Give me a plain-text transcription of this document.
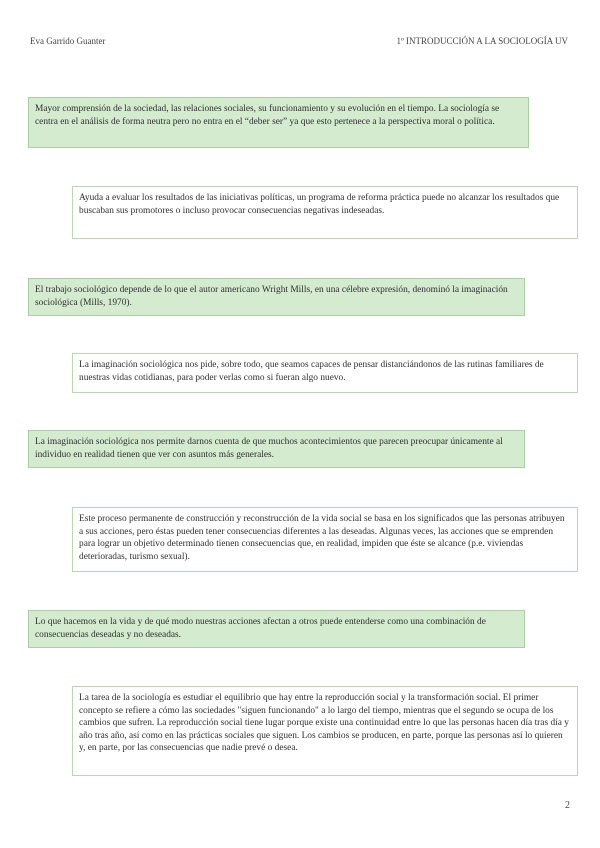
Eva Garrido Guanter	1º INTRODUCCIÓN A LA SOCIOLOGÍA UV
Mayor comprensión de la sociedad, las relaciones sociales, su funcionamiento y su evolución en el tiempo. La sociología se centra en el análisis de forma neutra pero no entra en el “deber ser” ya que esto pertenece a la perspectiva moral o política.
Ayuda a evaluar los resultados de las iniciativas políticas, un programa de reforma práctica puede no alcanzar los resultados que buscaban sus promotores o incluso provocar consecuencias negativas indeseadas.
El trabajo sociológico depende de lo que el autor americano Wright Mills, en una célebre expresión, denominó la imaginación sociológica (Mills, 1970).
La imaginación sociológica nos pide, sobre todo, que seamos capaces de pensar distanciándonos de las rutinas familiares de nuestras vidas cotidianas, para poder verlas como si fueran algo nuevo.
La imaginación sociológica nos permite darnos cuenta de que muchos acontecimientos que parecen preocupar únicamente al individuo en realidad tienen que ver con asuntos más generales.
Este proceso permanente de construcción y reconstrucción de la vida social se basa en los significados que las personas atribuyen a sus acciones, pero éstas pueden tener consecuencias diferentes a las deseadas. Algunas veces, las acciones que se emprenden para lograr un objetivo determinado tienen consecuencias que, en realidad, impiden que éste se alcance (p.e. viviendas deterioradas, turismo sexual).
Lo que hacemos en la vida y de qué modo nuestras acciones afectan a otros puede entenderse como una combinación de consecuencias deseadas y no deseadas.
La tarea de la sociología es estudiar el equilibrio que hay entre la reproducción social y la transformación social. El primer concepto se refiere a cómo las sociedades "siguen funcionando" a lo largo del tiempo, mientras que el segundo se ocupa de los cambios que sufren. La reproducción social tiene lugar porque existe una continuidad entre lo que las personas hacen día tras día y año tras año, así como en las prácticas sociales que siguen. Los cambios se producen, en parte, porque las personas así lo quieren y, en parte, por las consecuencias que nadie prevé o desea.
2
